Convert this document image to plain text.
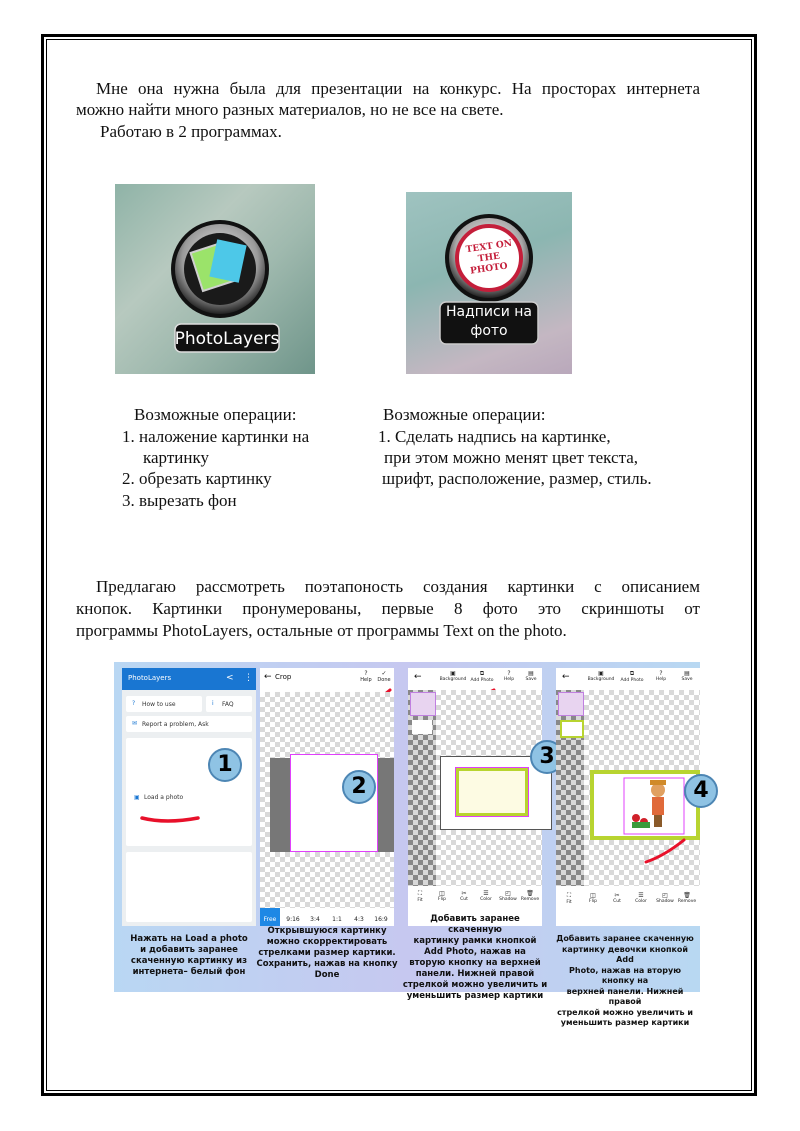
Мне она нужна была для презентации на конкурс. На просторах интернета
можно найти много разных материалов, но не все на свете.
Работаю в 2 программах.
PhotoLayers
TEXT ON
THE
PHOTO
Надписи на
фото
Возможные операции:
1. наложение картинки на
картинку
2. обрезать картинку
3. вырезать фон
Возможные операции:
1. Сделать надпись на картинке,
при этом можно менят цвет текста,
шрифт, расположение, размер, стиль.
Предлагаю рассмотреть поэтапоность создания картинки с описанием
кнопок. Картинки пронумерованы, первые 8 фото это скриншоты от
программы PhotoLayers, остальные от программы Text on the photo.
PhotoLayers	< ⋮
? How to use	i FAQ
✉ Report a problem, Ask
▣ Load a photo
1
← Crop	?
Help
✓
Done
2
Free	9:16	3:4	1:1	4:3	16:9
←	▣
Background
⧉
Add Photo
?
Help
▤
Save
3
⛶
Fit
◫
Flip
✂
Cut
☰
Color
◰
Shadow
🗑
Remove
←	▣
Background
⧉
Add Photo
?
Help
▤
Save
4
⛶
Fit
◫
Flip
✂
Cut
☰
Color
◰
Shadow
🗑
Remove
Нажать на Load a photo
и добавить заранее
скаченную картинку из
интернета– белый фон
Открывшуюся картинку
можно скорректировать
стрелками размер картики.
Сохранить, нажав на кнопку
Done
Добавить заранее скаченную
картинку рамки кнопкой
Add Photo, нажав на
вторую кнопку на верхней
панели. Нижней правой
стрелкой можно увеличить и
уменьшить размер картики
Добавить заранее скаченную
картинку девочки кнопкой Add
Photo, нажав на вторую кнопку на
верхней панели. Нижней правой
стрелкой можно увеличить и
уменьшить размер картики
